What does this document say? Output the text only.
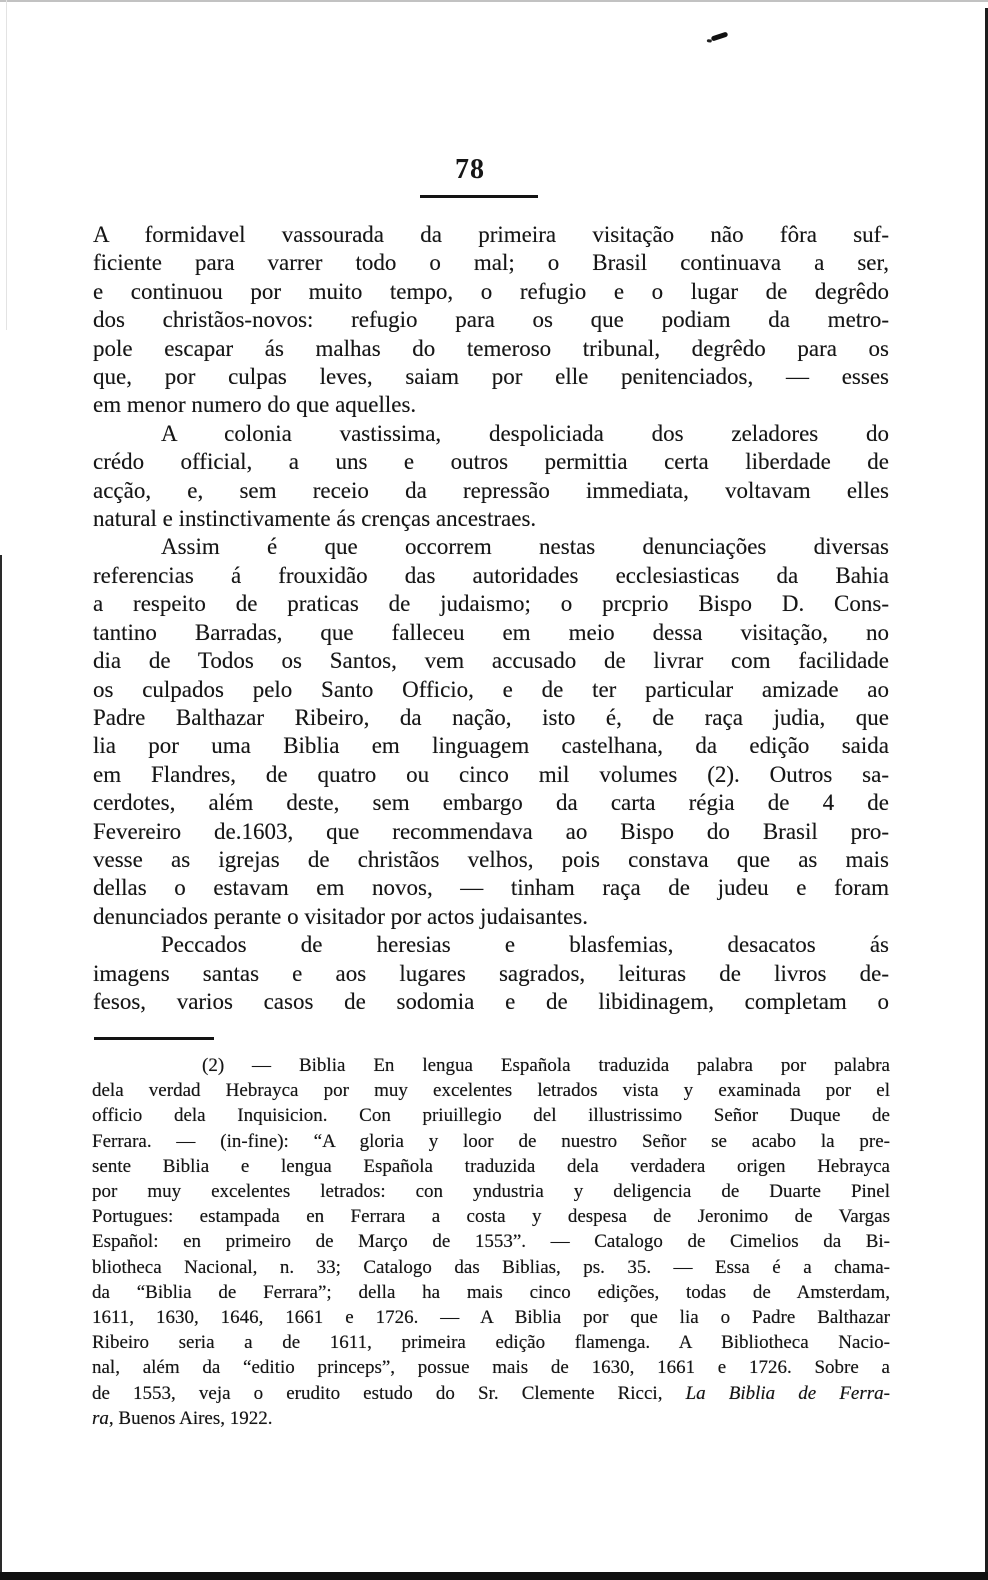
78
A formidavel vassourada da primeira visitação não fôra suf-
ficiente para varrer todo o mal; o Brasil continuava a ser,
e continuou por muito tempo, o refugio e o lugar de degrêdo
dos christãos-novos: refugio para os que podiam da metro-
pole escapar ás malhas do temeroso tribunal, degrêdo para os
que, por culpas leves, saiam por elle penitenciados, — esses
em menor numero do que aquelles.
A colonia vastissima, despoliciada dos zeladores do
crédo official, a uns e outros permittia certa liberdade de
acção, e, sem receio da repressão immediata, voltavam elles
natural e instinctivamente ás crenças ancestraes.
Assim é que occorrem nestas denunciações diversas
referencias á frouxidão das autoridades ecclesiasticas da Bahia
a respeito de praticas de judaismo; o prcprio Bispo D. Cons-
tantino Barradas, que falleceu em meio dessa visitação, no
dia de Todos os Santos, vem accusado de livrar com facilidade
os culpados pelo Santo Officio, e de ter particular amizade ao
Padre Balthazar Ribeiro, da nação, isto é, de raça judia, que
lia por uma Biblia em linguagem castelhana, da edição saida
em Flandres, de quatro ou cinco mil volumes (2). Outros sa-
cerdotes, além deste, sem embargo da carta régia de 4 de
Fevereiro de.1603, que recommendava ao Bispo do Brasil pro-
vesse as igrejas de christãos velhos, pois constava que as mais
dellas o estavam em novos, — tinham raça de judeu e foram
denunciados perante o visitador por actos judaisantes.
Peccados de heresias e blasfemias, desacatos ás
imagens santas e aos lugares sagrados, leituras de livros de-
fesos, varios casos de sodomia e de libidinagem, completam o
(2) — Biblia En lengua Española traduzida palabra por palabra
dela verdad Hebrayca por muy excelentes letrados vista y examinada por el
officio dela Inquisicion. Con priuillegio del illustrissimo Señor Duque de
Ferrara. — (in-fine): “A gloria y loor de nuestro Señor se acabo la pre-
sente Biblia e lengua Española traduzida dela verdadera origen Hebrayca
por muy excelentes letrados: con yndustria y deligencia de Duarte Pinel
Portugues: estampada en Ferrara a costa y despesa de Jeronimo de Vargas
Español: en primeiro de Março de 1553”. — Catalogo de Cimelios da Bi-
bliotheca Nacional, n. 33; Catalogo das Biblias, ps. 35. — Essa é a chama-
da “Biblia de Ferrara”; della ha mais cinco edições, todas de Amsterdam,
1611, 1630, 1646, 1661 e 1726. — A Biblia por que lia o Padre Balthazar
Ribeiro seria a de 1611, primeira edição flamenga. A Bibliotheca Nacio-
nal, além da “editio princeps”, possue mais de 1630, 1661 e 1726. Sobre a
de 1553, veja o erudito estudo do Sr. Clemente Ricci, La Biblia de Ferra-
ra, Buenos Aires, 1922.
